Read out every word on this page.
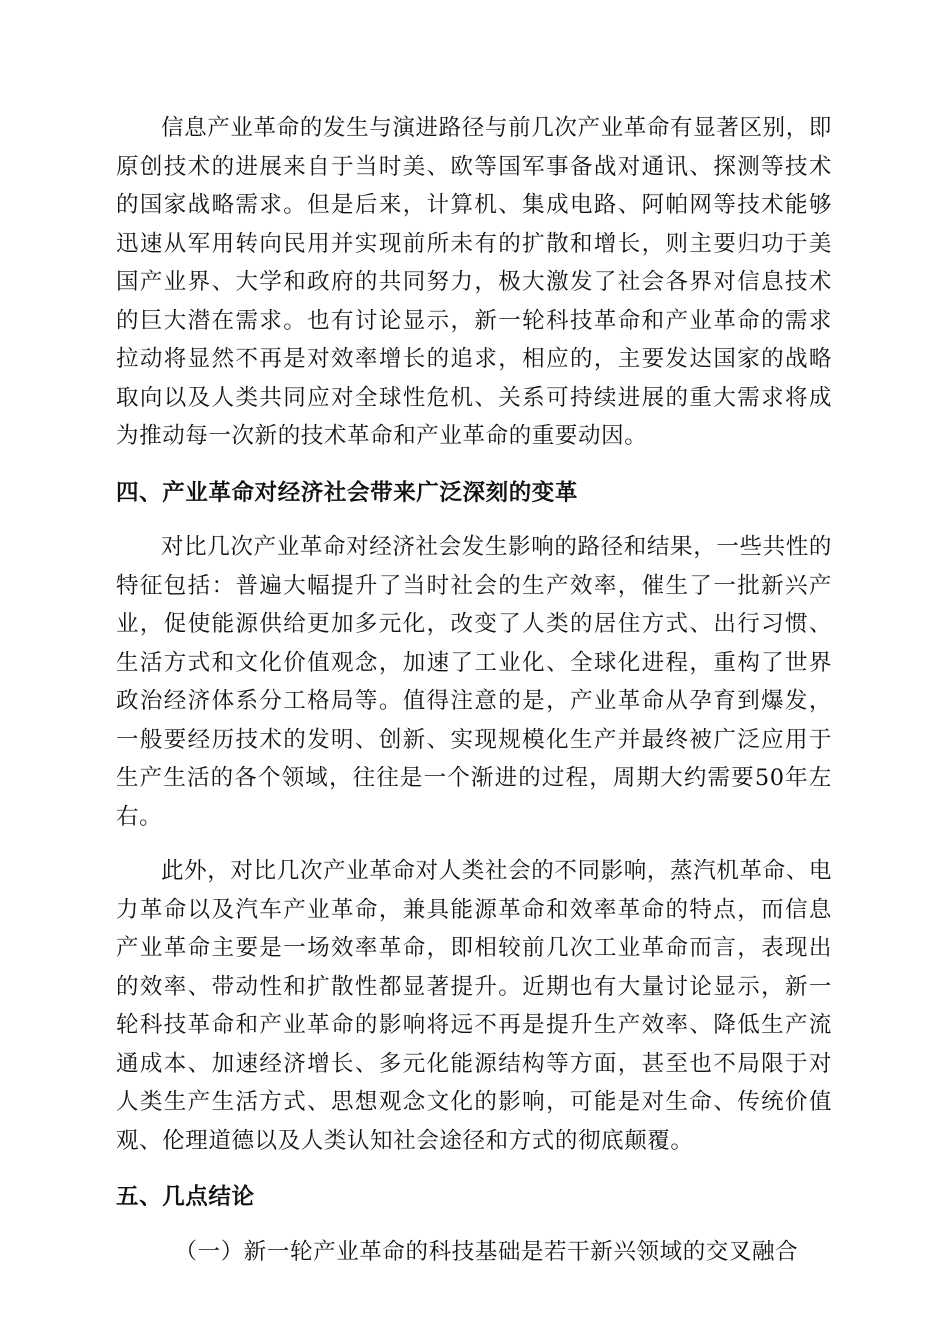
信息产业革命的发生与演进路径与前几次产业革命有显著区别，即原创技术的进展来自于当时美、欧等国军事备战对通讯、探测等技术的国家战略需求。但是后来，计算机、集成电路、阿帕网等技术能够迅速从军用转向民用并实现前所未有的扩散和增长，则主要归功于美国产业界、大学和政府的共同努力，极大激发了社会各界对信息技术的巨大潜在需求。也有讨论显示，新一轮科技革命和产业革命的需求拉动将显然不再是对效率增长的追求，相应的，主要发达国家的战略取向以及人类共同应对全球性危机、关系可持续进展的重大需求将成为推动每一次新的技术革命和产业革命的重要动因。

四、产业革命对经济社会带来广泛深刻的变革

对比几次产业革命对经济社会发生影响的路径和结果，一些共性的特征包括：普遍大幅提升了当时社会的生产效率，催生了一批新兴产业，促使能源供给更加多元化，改变了人类的居住方式、出行习惯、生活方式和文化价值观念，加速了工业化、全球化进程，重构了世界政治经济体系分工格局等。值得注意的是，产业革命从孕育到爆发，一般要经历技术的发明、创新、实现规模化生产并最终被广泛应用于生产生活的各个领域，往往是一个渐进的过程，周期大约需要50年左右。

此外，对比几次产业革命对人类社会的不同影响，蒸汽机革命、电力革命以及汽车产业革命，兼具能源革命和效率革命的特点，而信息产业革命主要是一场效率革命，即相较前几次工业革命而言，表现出的效率、带动性和扩散性都显著提升。近期也有大量讨论显示，新一轮科技革命和产业革命的影响将远不再是提升生产效率、降低生产流通成本、加速经济增长、多元化能源结构等方面，甚至也不局限于对人类生产生活方式、思想观念文化的影响，可能是对生命、传统价值观、伦理道德以及人类认知社会途径和方式的彻底颠覆。

五、几点结论

（一）新一轮产业革命的科技基础是若干新兴领域的交叉融合
